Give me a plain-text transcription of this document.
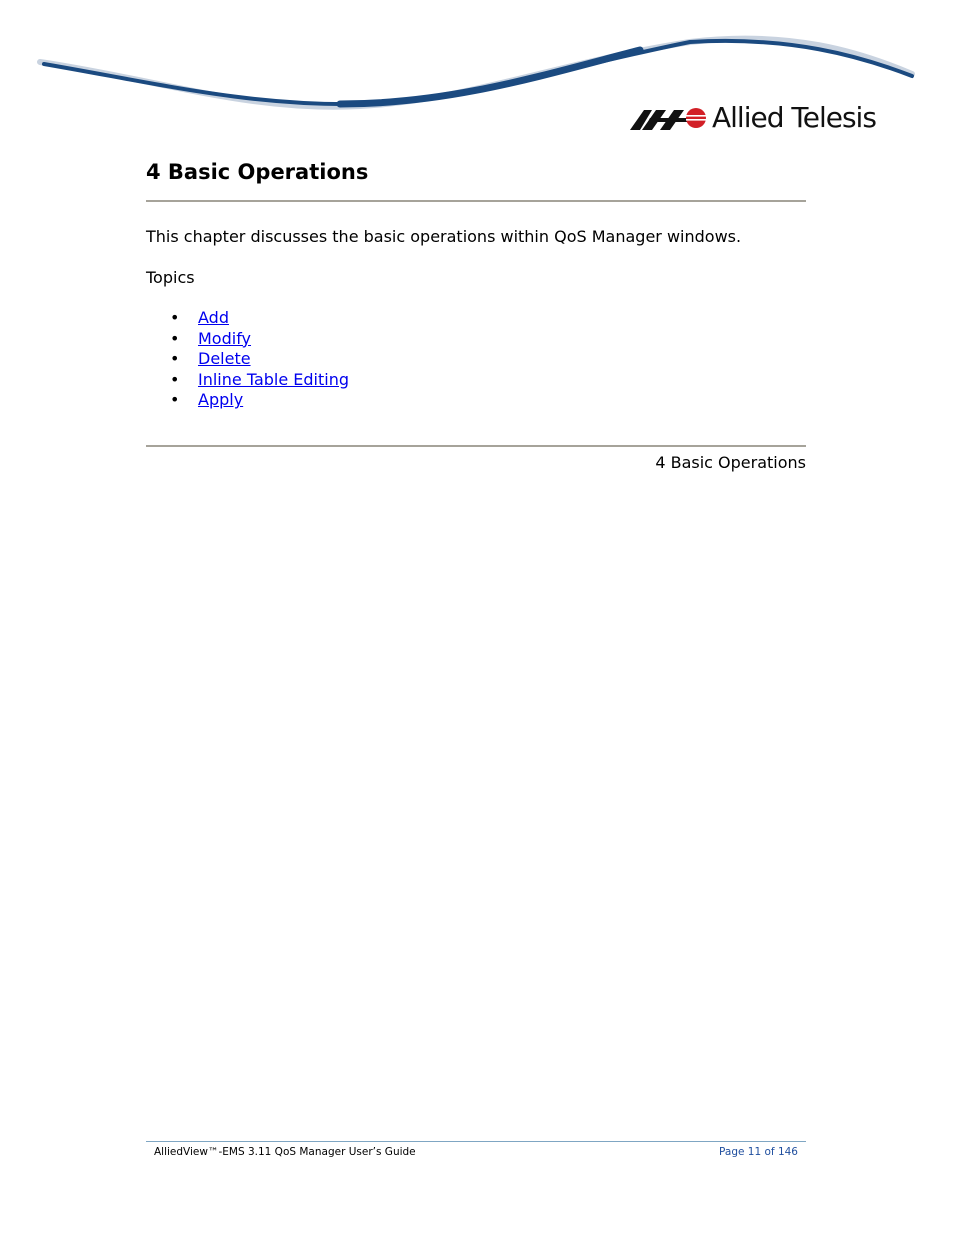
Allied Telesis
4 Basic Operations

This chapter discusses the basic operations within QoS Manager windows.

Topics

•	Add
•	Modify
•	Delete
•	Inline Table Editing
•	Apply

4 Basic Operations

AlliedView™-EMS 3.11 QoS Manager User’s Guide	Page 11 of 146
